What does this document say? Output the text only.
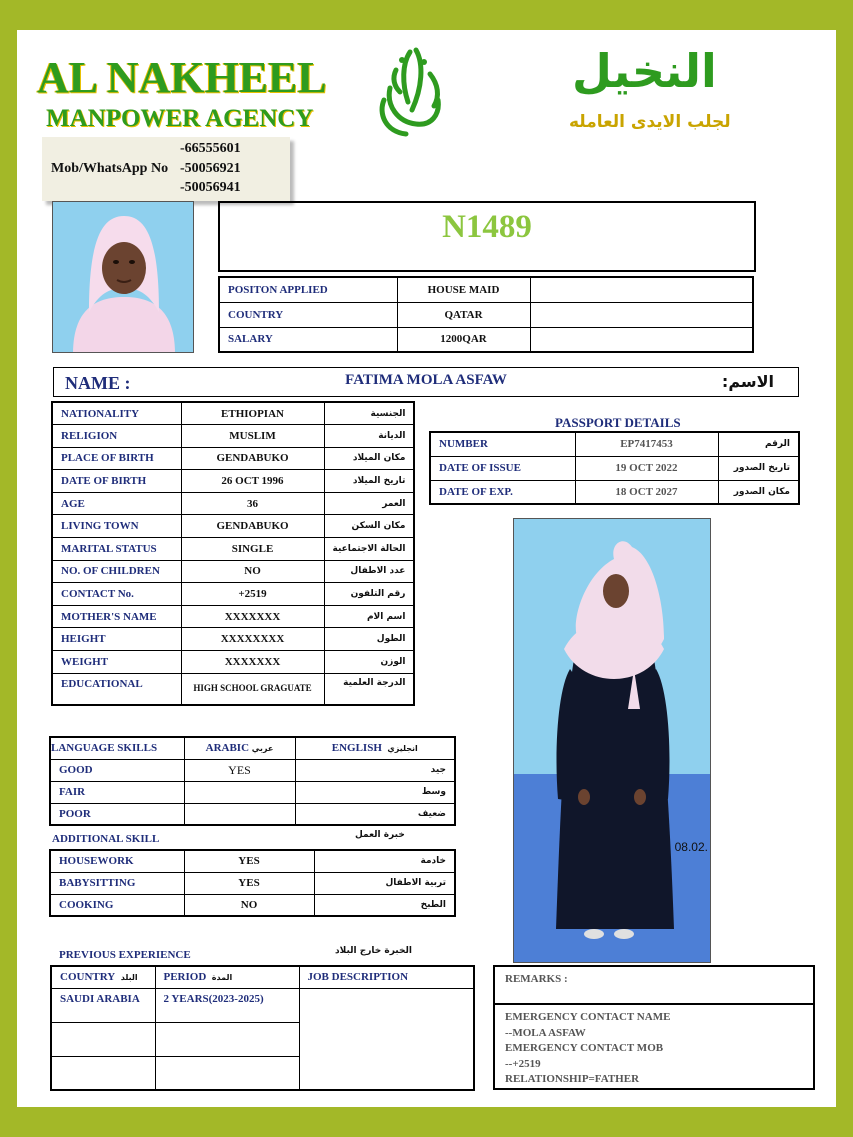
AL NAKHEEL
MANPOWER AGENCY
Mob/WhatsApp No
-66555601
-50056921
-50056941
النخيل
لجلب الايدى العامله
N1489
POSITON APPLIED	HOUSE MAID	
COUNTRY	QATAR	
SALARY	1200QAR	
NAME :	FATIMA MOLA ASFAW	الاسم:
NATIONALITY	ETHIOPIAN	الجنسية
RELIGION	MUSLIM	الديانة
PLACE OF BIRTH	GENDABUKO	مكان الميلاد
DATE OF BIRTH	26 OCT 1996	تاريخ الميلاد
AGE	36	العمر
LIVING TOWN	GENDABUKO	مكان السكن
MARITAL STATUS	SINGLE	الحالة الاجتماعية
NO. OF CHILDREN	NO	عدد الاطفال
CONTACT No.	+2519	رقم التلفون
MOTHER'S NAME	XXXXXXX	اسم الام
HEIGHT	XXXXXXXX	الطول
WEIGHT	XXXXXXX	الوزن
EDUCATIONAL	HIGH SCHOOL GRAGUATE	الدرجة العلمية
PASSPORT DETAILS
NUMBER	EP7417453	الرقم
DATE OF ISSUE	19 OCT 2022	تاريخ الصدور
DATE OF EXP.	18 OCT 2027	مكان الصدور
08.02.
LANGUAGE SKILLS	ARABIC عربي	ENGLISH انجليزي
GOOD	YES	جيد
FAIR		وسط
POOR		ضعيف
ADDITIONAL SKILL	خبرة العمل
HOUSEWORK	YES	خادمة
BABYSITTING	YES	تربية الاطفال
COOKING	NO	الطبخ
PREVIOUS EXPERIENCE	الخبرة خارج البلاد
COUNTRY البلد	PERIOD المدة	JOB DESCRIPTION
SAUDI ARABIA	2 YEARS(2023-2025)	

REMARKS :
EMERGENCY CONTACT NAME
--MOLA ASFAW
EMERGENCY CONTACT MOB
--+2519
RELATIONSHIP=FATHER
